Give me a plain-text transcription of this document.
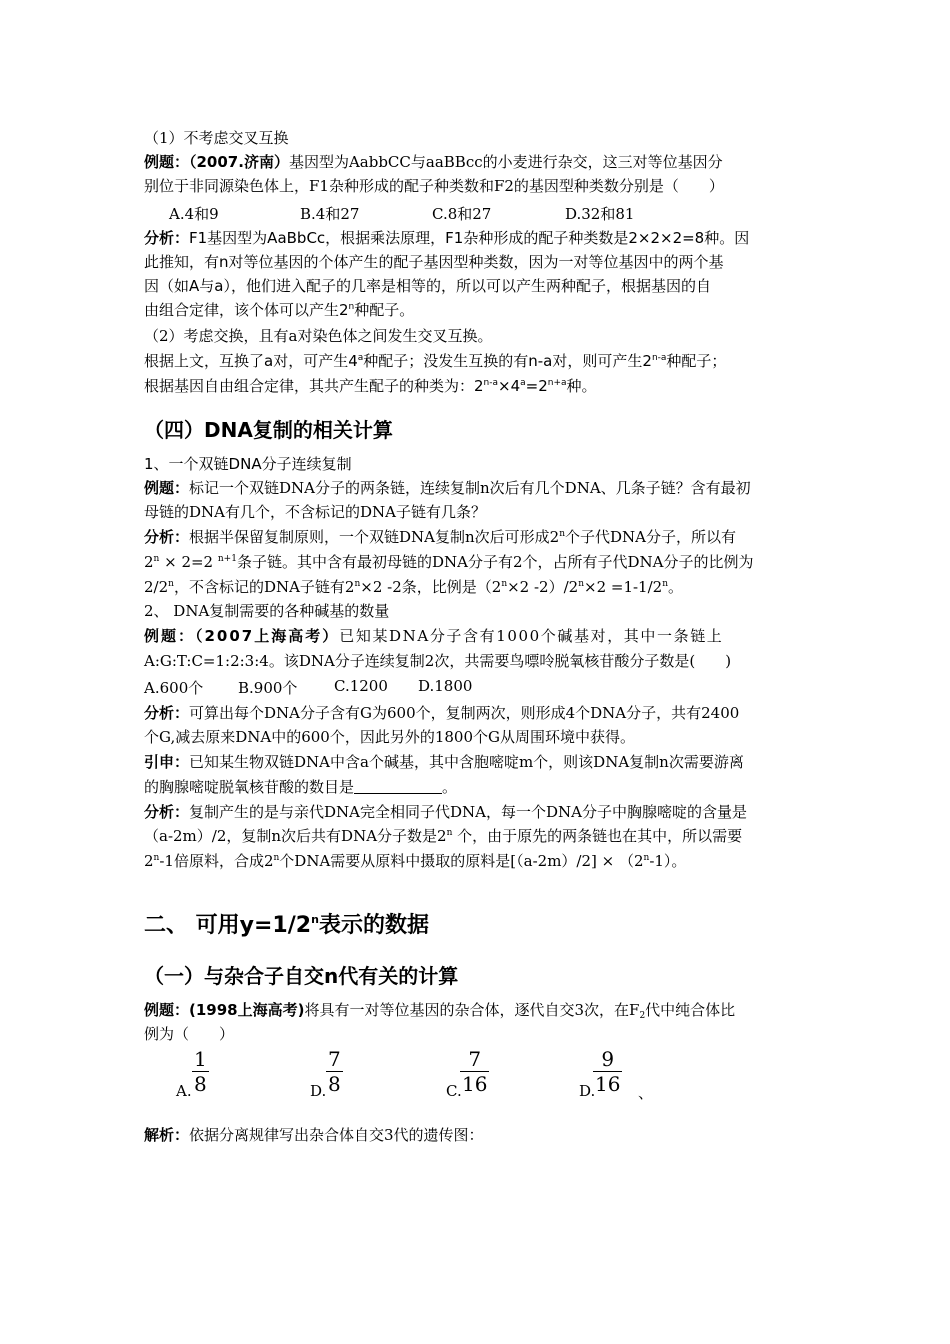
（1）不考虑交叉互换
例题：（2007.济南）基因型为AabbCC与aaBBcc的小麦进行杂交，这三对等位基因分
别位于非同源染色体上，F1杂种形成的配子种类数和F2的基因型种类数分别是（　　）
A.4和9	B.4和27	C.8和27	D.32和81
分析：F1基因型为AaBbCc，根据乘法原理，F1杂种形成的配子种类数是2×2×2=8种。因
此推知，有n对等位基因的个体产生的配子基因型种类数，因为一对等位基因中的两个基
因（如A与a），他们进入配子的几率是相等的，所以可以产生两种配子，根据基因的自
由组合定律，该个体可以产生2$^n$种配子。
（2）考虑交换，且有a对染色体之间发生交叉互换。
根据上文，互换了a对，可产生4$^a$种配子；没发生互换的有n-a对，则可产生2$^{n-a}$种配子；
根据基因自由组合定律，其共产生配子的种类为：$2^{n-a}\times 4^a=2^{n+a}$种。
（四）DNA复制的相关计算
1、一个双链DNA分子连续复制
例题：标记一个双链DNA分子的两条链，连续复制n次后有几个DNA、几条子链？含有最初
母链的DNA有几个，不含标记的DNA子链有几条？
分析：根据半保留复制原则，一个双链DNA复制n次后可形成2$^n$个子代DNA分子，所以有
$2^n \times 2=2$ $^{n+1}$条子链。其中含有最初母链的DNA分子有2个，占所有子代DNA分子的比例为
2/2$^n$，不含标记的DNA子链有$2^n\times 2$ -2条，比例是（$2^n\times 2$ $-2)/2^n\times 2 =1-1/2^n$。
2、 DNA复制需要的各种碱基的数量
例题：（2007上海高考）已知某DNA分子含有1000个碱基对，其中一条链上
A:G:T:C=1:2:3:4。该DNA分子连续复制2次，共需要鸟嘌呤脱氧核苷酸分子数是(　　)
A.600个 B.900个 C.1200 D.1800
分析：可算出每个DNA分子含有G为600个，复制两次，则形成4个DNA分子，共有2400
个G,减去原来DNA中的600个，因此另外的1800个G从周围环境中获得。
引申：已知某生物双链DNA中含a个碱基，其中含胞嘧啶m个，则该DNA复制n次需要游离
的胸腺嘧啶脱氧核苷酸的数目是	。
分析：复制产生的是与亲代DNA完全相同子代DNA，每一个DNA分子中胸腺嘧啶的含量是
（a-2m）/2，复制n次后共有DNA分子数是2$^n$ 个，由于原先的两条链也在其中，所以需要
2$^n$-1倍原料，合成2$^n$个DNA需要从原料中摄取的原料是$[(a-2m)/2] \times (2^n-1)$。
二、 可用$y=1/2^n$表示的数据
（一）与杂合子自交n代有关的计算
例题：(1998上海高考)将具有一对等位基因的杂合体，逐代自交3次，在$F_2$代中纯合体比
例为（　　）
A.
1
8	D.
7
8	C.
7
16	D.
9
16 、
解析：依据分离规律写出杂合体自交3代的遗传图：
